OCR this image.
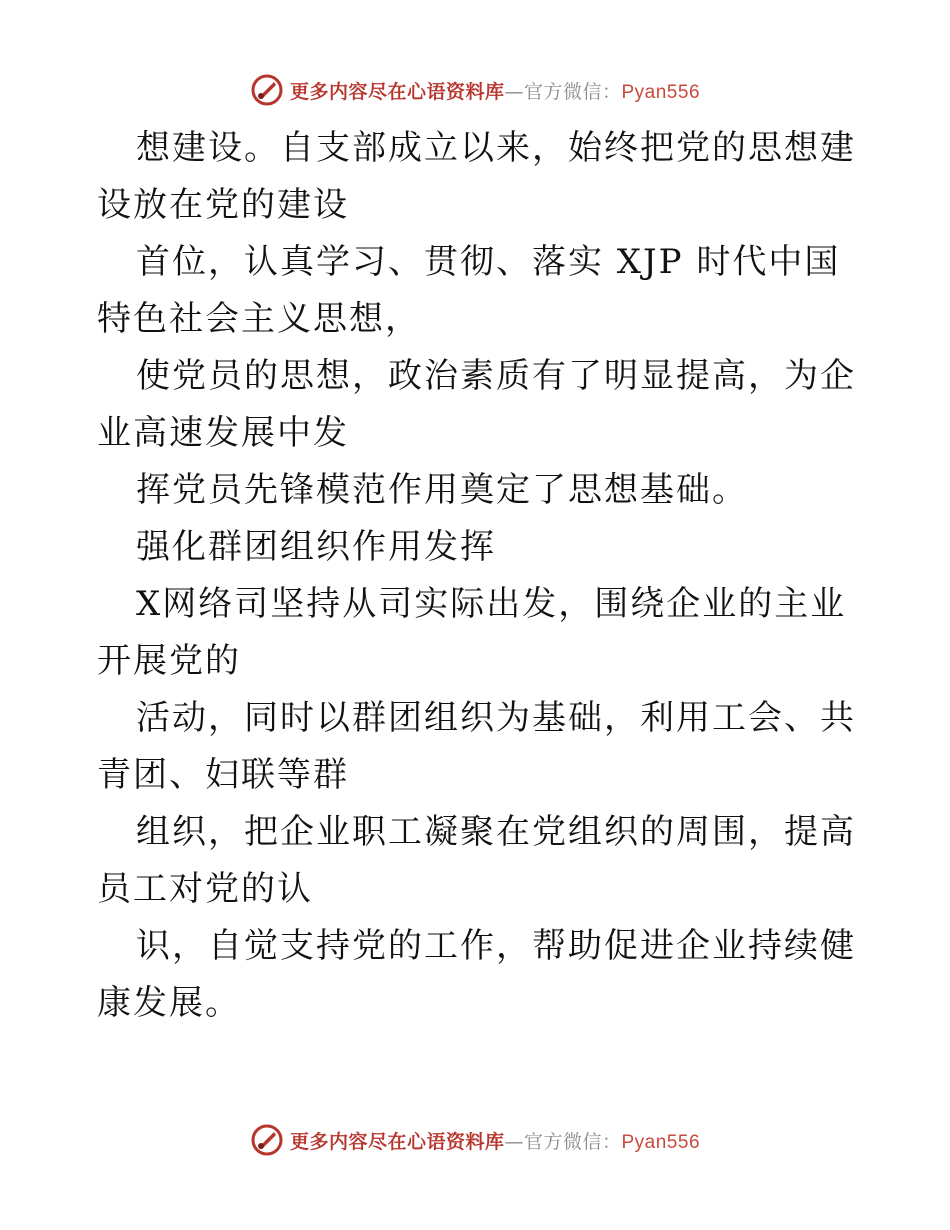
更多内容尽在心语资料库—官方微信：Pyan556

想建设。自支部成立以来，始终把党的思想建设放在党的建设

首位，认真学习、贯彻、落实 XJP 时代中国特色社会主义思想，

使党员的思想，政治素质有了明显提高，为企业高速发展中发

挥党员先锋模范作用奠定了思想基础。

强化群团组织作用发挥

X网络司坚持从司实际出发，围绕企业的主业开展党的

活动，同时以群团组织为基础，利用工会、共青团、妇联等群

组织，把企业职工凝聚在党组织的周围，提高员工对党的认

识，自觉支持党的工作，帮助促进企业持续健康发展。

更多内容尽在心语资料库—官方微信：Pyan556
